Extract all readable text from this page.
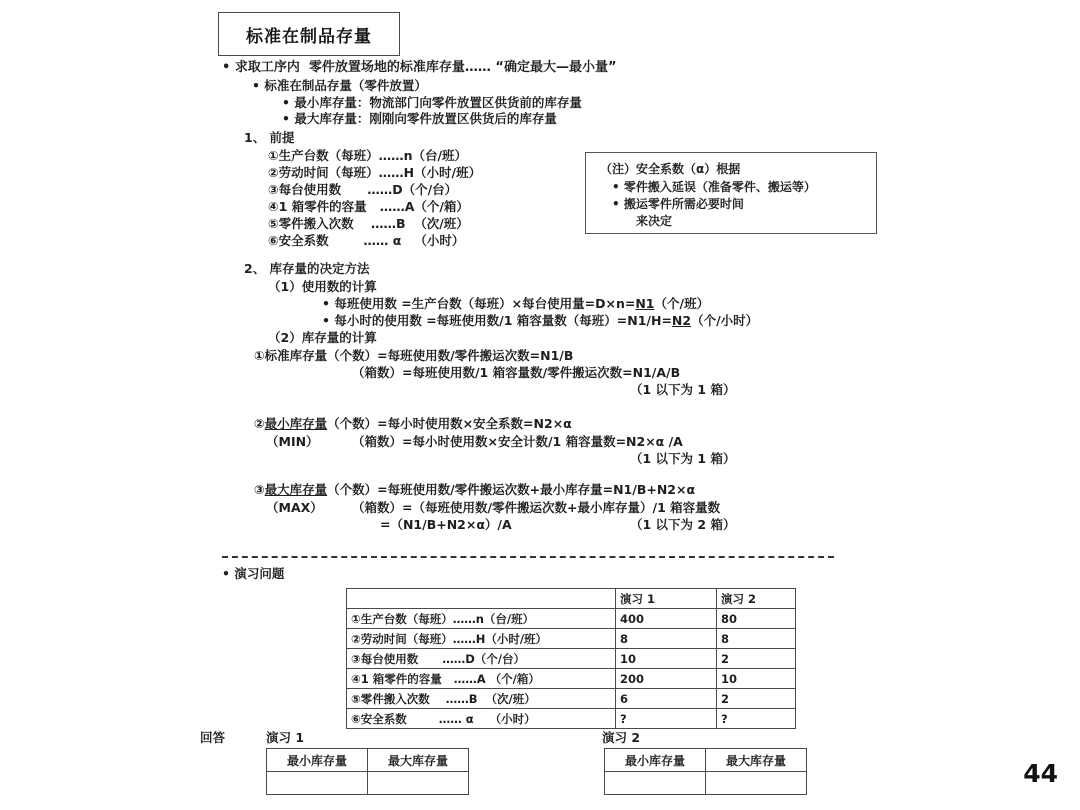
标准在制品存量
• 求取工序内  零件放置场地的标准库存量…… “确定最大—最小量”
• 标准在制品存量（零件放置）
• 最小库存量：物流部门向零件放置区供货前的库存量
• 最大库存量：刚刚向零件放置区供货后的库存量
1、 前提
①生产台数（每班）……n（台/班）
②劳动时间（每班）……H（小时/班）
③每台使用数      ……D（个/台）
④1 箱零件的容量   ……A（个/箱）
⑤零件搬入次数    ……B  （次/班）
⑥安全系数        …… α   （小时）
（注）安全系数（α）根据
• 零件搬入延误（准备零件、搬运等）
• 搬运零件所需必要时间
来决定
2、 库存量的决定方法
（1）使用数的计算
• 每班使用数 =生产台数（每班）×每台使用量=D×n=N1（个/班）
• 每小时的使用数 =每班使用数/1 箱容量数（每班）=N1/H=N2（个/小时）
（2）库存量的计算
①标准库存量（个数）=每班使用数/零件搬运次数=N1/B
（箱数）=每班使用数/1 箱容量数/零件搬运次数=N1/A/B
（1 以下为 1 箱）
②最小库存量（个数）=每小时使用数×安全系数=N2×α
（MIN）	（箱数）=每小时使用数×安全计数/1 箱容量数=N2×α /A
（1 以下为 1 箱）
③最大库存量（个数）=每班使用数/零件搬运次数+最小库存量=N1/B+N2×α
（MAX） （箱数）=（每班使用数/零件搬运次数+最小库存量）/1 箱容量数
=（N1/B+N2×α）/A	（1 以下为 2 箱）
• 演习问题
	演习 1	演习 2
①生产台数（每班）……n（台/班）	400	80
②劳动时间（每班）……H（小时/班）	8	8
③每台使用数      ……D（个/台）	10	2
④1 箱零件的容量   ……A （个/箱）	200	10
⑤零件搬入次数    ……B  （次/班）	6	2
⑥安全系数        …… α    （小时）	?	?
回答	演习 1	演习 2
最小库存量	最大库存量
		最小库存量	最大库存量
		44
